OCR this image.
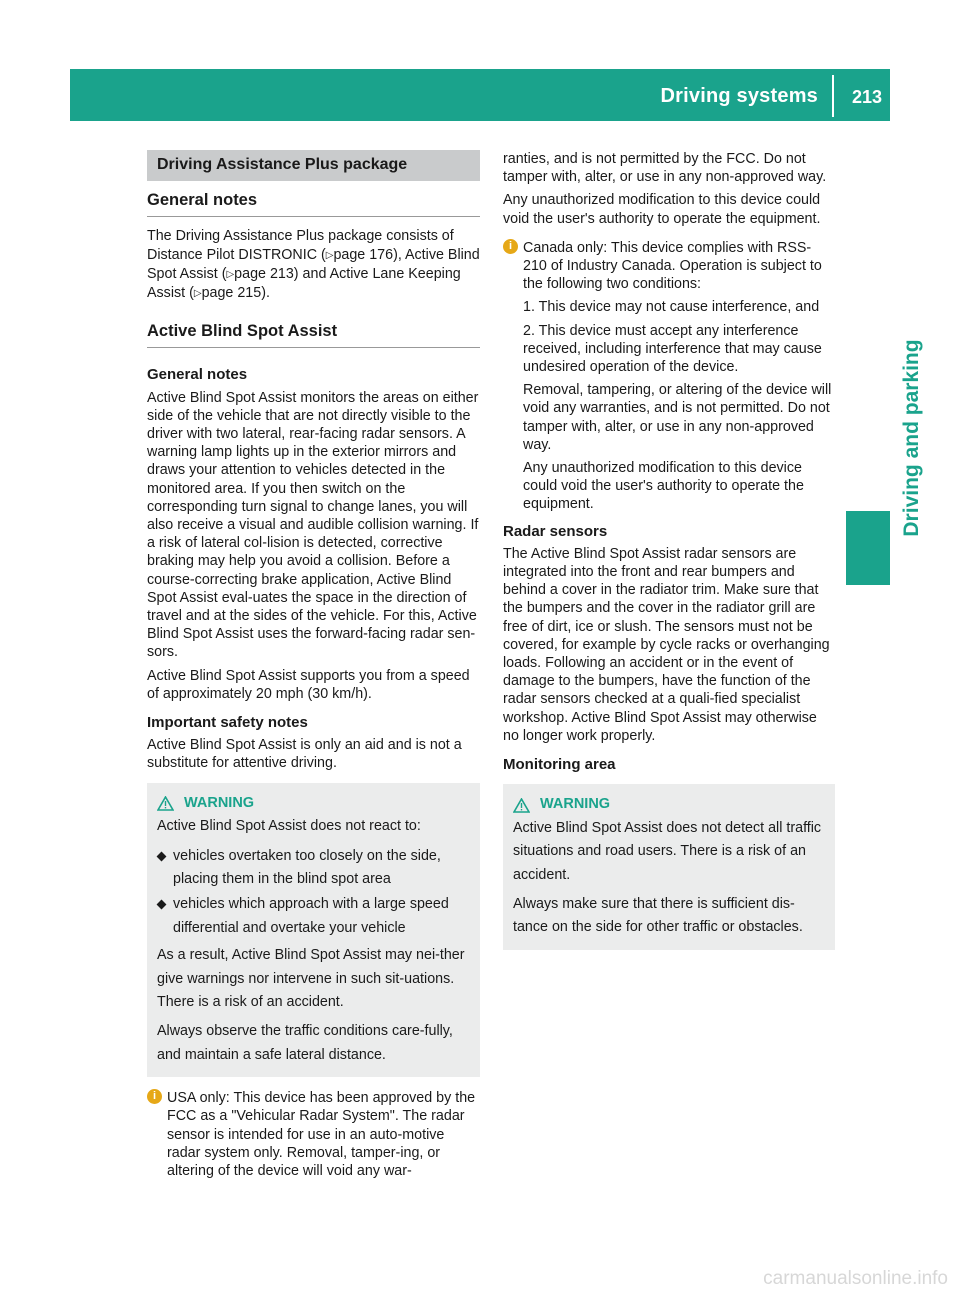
Driving systems 213
Driving and parking
Driving Assistance Plus package
General notes

The Driving Assistance Plus package consists of Distance Pilot DISTRONIC (▷page 176), Active Blind Spot Assist (▷page 213) and Active Lane Keeping Assist (▷page 215).

Active Blind Spot Assist
General notes

Active Blind Spot Assist monitors the areas on either side of the vehicle that are not directly visible to the driver with two lateral, rear-facing radar sensors. A warning lamp lights up in the exterior mirrors and draws your attention to vehicles detected in the monitored area. If you then switch on the corresponding turn signal to change lanes, you will also receive a visual and audible collision warning. If a risk of lateral col-lision is detected, corrective braking may help you avoid a collision. Before a course-correcting brake application, Active Blind Spot Assist eval-uates the space in the direction of travel and at the sides of the vehicle. For this, Active Blind Spot Assist uses the forward-facing radar sen-sors.

Active Blind Spot Assist supports you from a speed of approximately 20 mph (30 km/h).

Important safety notes

Active Blind Spot Assist is only an aid and is not a substitute for attentive driving.

WARNING

Active Blind Spot Assist does not react to:

vehicles overtaken too closely on the side, placing them in the blind spot area
vehicles which approach with a large speed differential and overtake your vehicle

As a result, Active Blind Spot Assist may nei-ther give warnings nor intervene in such sit-uations. There is a risk of an accident.

Always observe the traffic conditions care-fully, and maintain a safe lateral distance.

i USA only: This device has been approved by the FCC as a "Vehicular Radar System". The radar sensor is intended for use in an auto-motive radar system only. Removal, tamper-ing, or altering of the device will void any war-

ranties, and is not permitted by the FCC. Do not tamper with, alter, or use in any non-approved way.

Any unauthorized modification to this device could void the user's authority to operate the equipment.

i Canada only: This device complies with RSS-210 of Industry Canada. Operation is subject to the following two conditions:

1. This device may not cause interference, and

2. This device must accept any interference received, including interference that may cause undesired operation of the device.

Removal, tampering, or altering of the device will void any warranties, and is not permitted. Do not tamper with, alter, or use in any non-approved way.

Any unauthorized modification to this device could void the user's authority to operate the equipment.

Radar sensors

The Active Blind Spot Assist radar sensors are integrated into the front and rear bumpers and behind a cover in the radiator trim. Make sure that the bumpers and the cover in the radiator grill are free of dirt, ice or slush. The sensors must not be covered, for example by cycle racks or overhanging loads. Following an accident or in the event of damage to the bumpers, have the function of the radar sensors checked at a quali-fied specialist workshop. Active Blind Spot Assist may otherwise no longer work properly.

Monitoring area
WARNING

Active Blind Spot Assist does not detect all traffic situations and road users. There is a risk of an accident.

Always make sure that there is sufficient dis-tance on the side for other traffic or obstacles.

carmanualsonline.info
